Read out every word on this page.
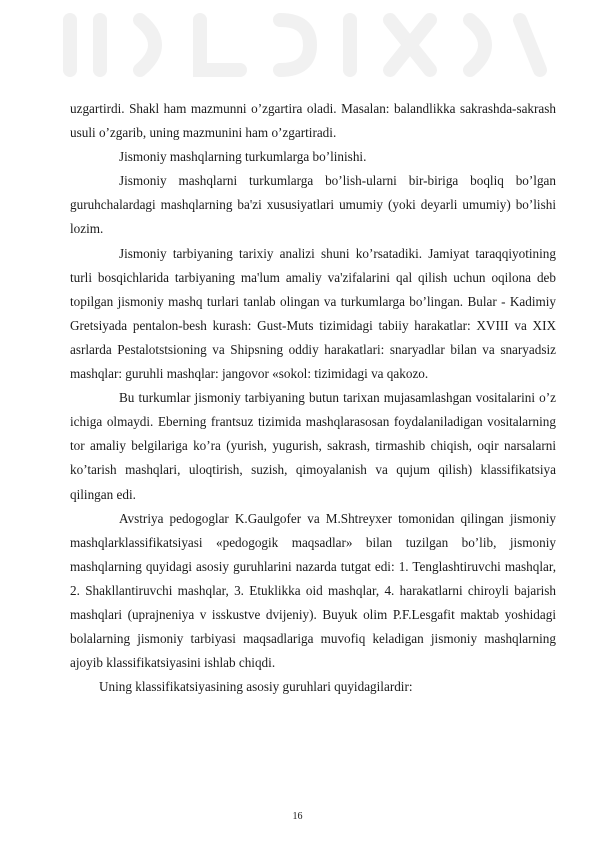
uzgartirdi. Shakl ham mazmunni o’zgartira oladi. Masalan: balandlikka sakrashda-sakrash usuli o’zgarib, uning mazmunini ham o’zgartiradi.

Jismoniy mashqlarning turkumlarga bo’linishi.

Jismoniy mashqlarni turkumlarga bo’lish-ularni bir-biriga boqliq bo’lgan guruhchalardagi mashqlarning ba'zi xususiyatlari umumiy (yoki deyarli umumiy) bo’lishi lozim.

Jismoniy tarbiyaning tarixiy analizi shuni ko’rsatadiki. Jamiyat taraqqiyotining turli bosqichlarida tarbiyaning ma'lum amaliy va'zifalarini qal qilish uchun oqilona deb topilgan jismoniy mashq turlari tanlab olingan va turkumlarga bo’lingan. Bular - Kadimiy Gretsiyada pentalon-besh kurash: Gust-Muts tizimidagi tabiiy harakatlar: XVIII va XIX asrlarda Pestalotstsioning va Shipsning oddiy harakatlari: snaryadlar bilan va snaryadsiz mashqlar: guruhli mashqlar: jangovor «sokol: tizimidagi va qakozo.

Bu turkumlar jismoniy tarbiyaning butun tarixan mujasamlashgan vositalarini o’z ichiga olmaydi. Eberning frantsuz tizimida mashqlarasosan foydalaniladigan vositalarning tor amaliy belgilariga ko’ra (yurish, yugurish, sakrash, tirmashib chiqish, oqir narsalarni ko’tarish mashqlari, uloqtirish, suzish, qimoyalanish va qujum qilish) klassifikatsiya qilingan edi.

Avstriya pedogoglar K.Gaulgofer va M.Shtreyxer tomonidan qilingan jismoniy mashqlarklassifikatsiyasi «pedogogik maqsadlar» bilan tuzilgan bo’lib, jismoniy mashqlarning quyidagi asosiy guruhlarini nazarda tutgat edi: 1. Tenglashtiruvchi mashqlar, 2. Shakllantiruvchi mashqlar, 3. Etuklikka oid mashqlar, 4. harakatlarni chiroyli bajarish mashqlari (uprajneniya v isskustve dvijeniy). Buyuk olim P.F.Lesgafit maktab yoshidagi bolalarning jismoniy tarbiyasi maqsadlariga muvofiq keladigan jismoniy mashqlarning ajoyib klassifikatsiyasini ishlab chiqdi.

Uning klassifikatsiyasining asosiy guruhlari quyidagilardir:

16
